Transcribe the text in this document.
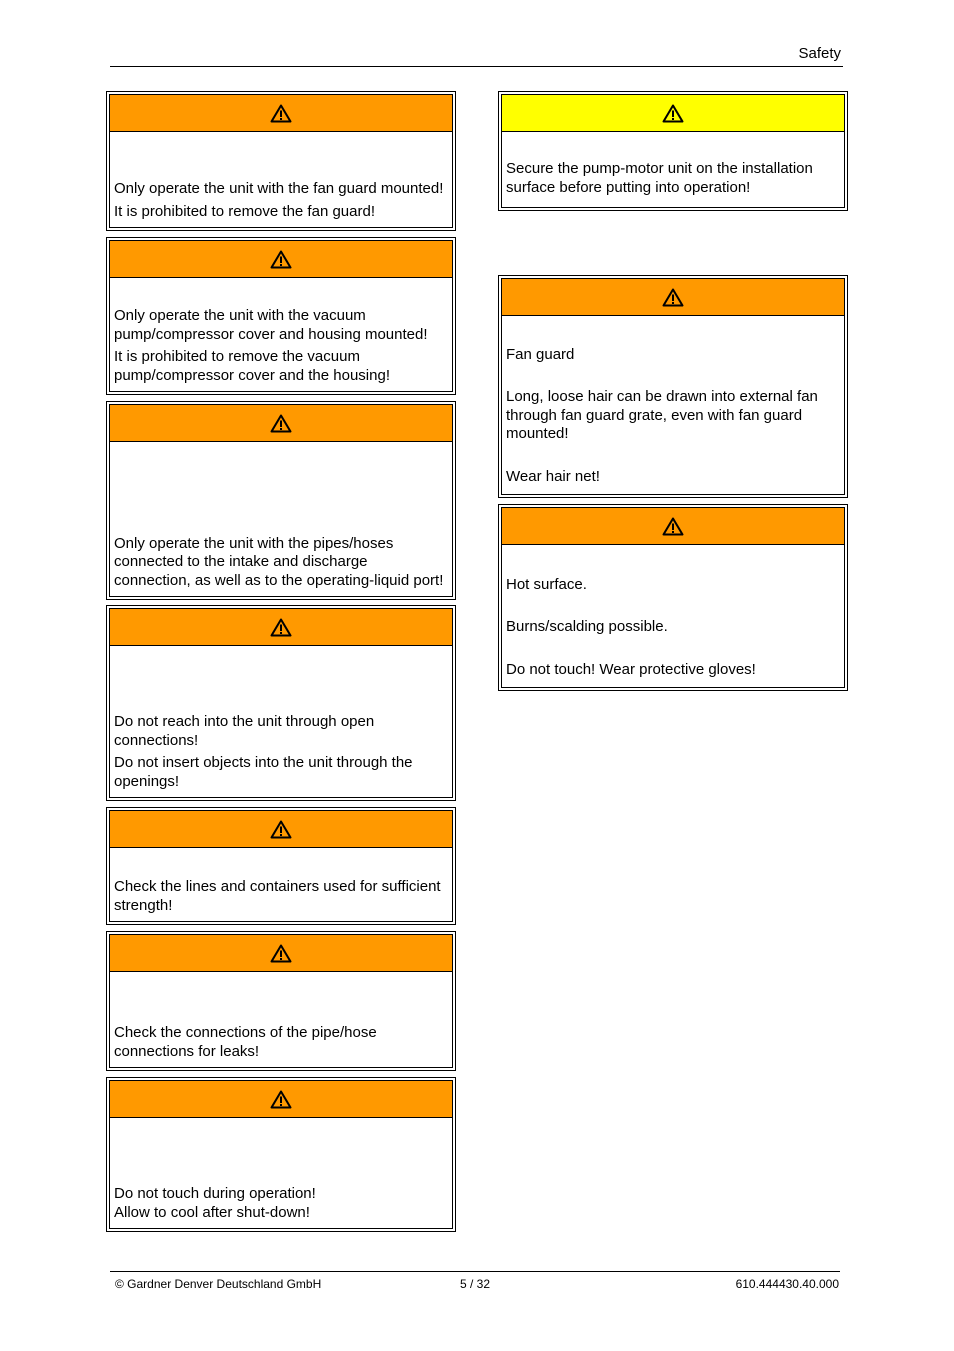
Safety

Only operate the unit with the fan guard mounted!

It is prohibited to remove the fan guard!

Only operate the unit with the vacuum pump/compressor cover and housing mounted!

It is prohibited to remove the vacuum pump/compressor cover and the housing!

Only operate the unit with the pipes/hoses connected to the intake and discharge connection, as well as to the operating-liquid port!

Do not reach into the unit through open connections!

Do not insert objects into the unit through the openings!

Check the lines and containers used for sufficient strength!

Check the connections of the pipe/hose connections for leaks!

Do not touch during operation!

Allow to cool after shut-down!

Secure the pump-motor unit on the installation surface before putting into operation!

Fan guard

Long, loose hair can be drawn into external fan through fan guard grate, even with fan guard mounted!

Wear hair net!

Hot surface.

Burns/scalding possible.

Do not touch! Wear protective gloves!

© Gardner Denver Deutschland GmbH	5 / 32	610.444430.40.000
